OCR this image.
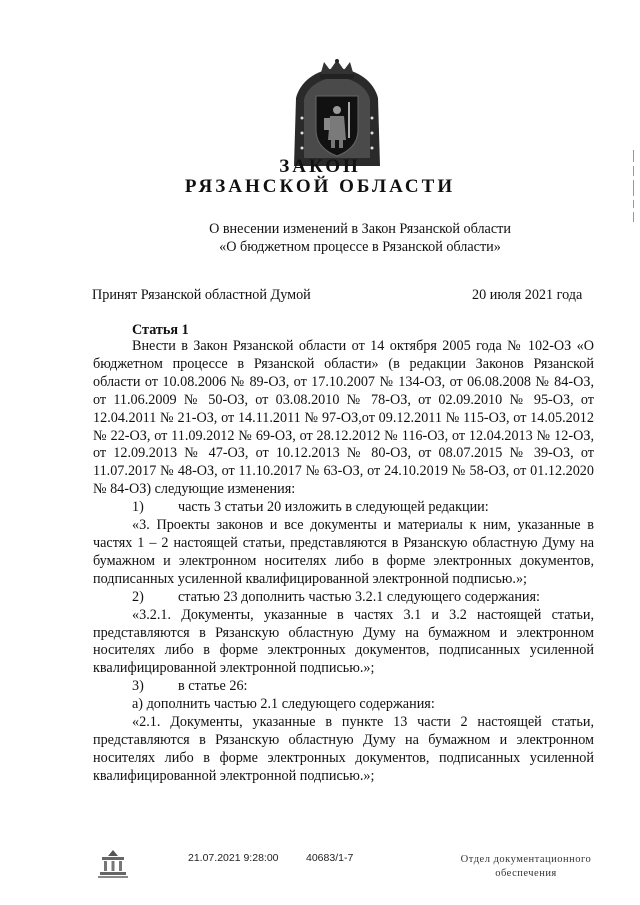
ЗАКОН
РЯЗАНСКОЙ ОБЛАСТИ
О внесении изменений в Закон Рязанской области
«О бюджетном процессе в Рязанской области»
Принят Рязанской областной Думой	20 июля 2021 года
Статья 1

Внести в Закон Рязанской области от 14 октября 2005 года № 102-ОЗ «О бюджетном процессе в Рязанской области» (в редакции Законов Рязанской области от 10.08.2006 № 89-ОЗ, от 17.10.2007 № 134-ОЗ, от 06.08.2008 № 84-ОЗ, от 11.06.2009 № 50-ОЗ, от 03.08.2010 № 78-ОЗ, от 02.09.2010 № 95-ОЗ, от 12.04.2011 № 21-ОЗ, от 14.11.2011 № 97-ОЗ,от 09.12.2011 № 115-ОЗ, от 14.05.2012 № 22-ОЗ, от 11.09.2012 № 69-ОЗ, от 28.12.2012 № 116-ОЗ, от 12.04.2013 № 12-ОЗ, от 12.09.2013 № 47-ОЗ, от 10.12.2013 № 80-ОЗ, от 08.07.2015 № 39-ОЗ, от 11.07.2017 № 48-ОЗ, от 11.10.2017 № 63-ОЗ, от 24.10.2019 № 58-ОЗ, от 01.12.2020 № 84-ОЗ) следующие изменения:

1) часть 3 статьи 20 изложить в следующей редакции:

«3. Проекты законов и все документы и материалы к ним, указанные в частях 1 – 2 настоящей статьи, представляются в Рязанскую областную Думу на бумажном и электронном носителях либо в форме электронных документов, подписанных усиленной квалифицированной электронной подписью.»;

2) статью 23 дополнить частью 3.2.1 следующего содержания:

«3.2.1. Документы, указанные в частях 3.1 и 3.2 настоящей статьи, представляются в Рязанскую областную Думу на бумажном и электронном носителях либо в форме электронных документов, подписанных усиленной квалифицированной электронной подписью.»;

3) в статье 26:

а) дополнить частью 2.1 следующего содержания:

«2.1. Документы, указанные в пункте 13 части 2 настоящей статьи, представляются в Рязанскую областную Думу на бумажном и электронном носителях либо в форме электронных документов, подписанных усиленной квалифицированной электронной подписью.»;

21.07.2021 9:28:00	40683/1-7	Отдел документационного
обеспечения
